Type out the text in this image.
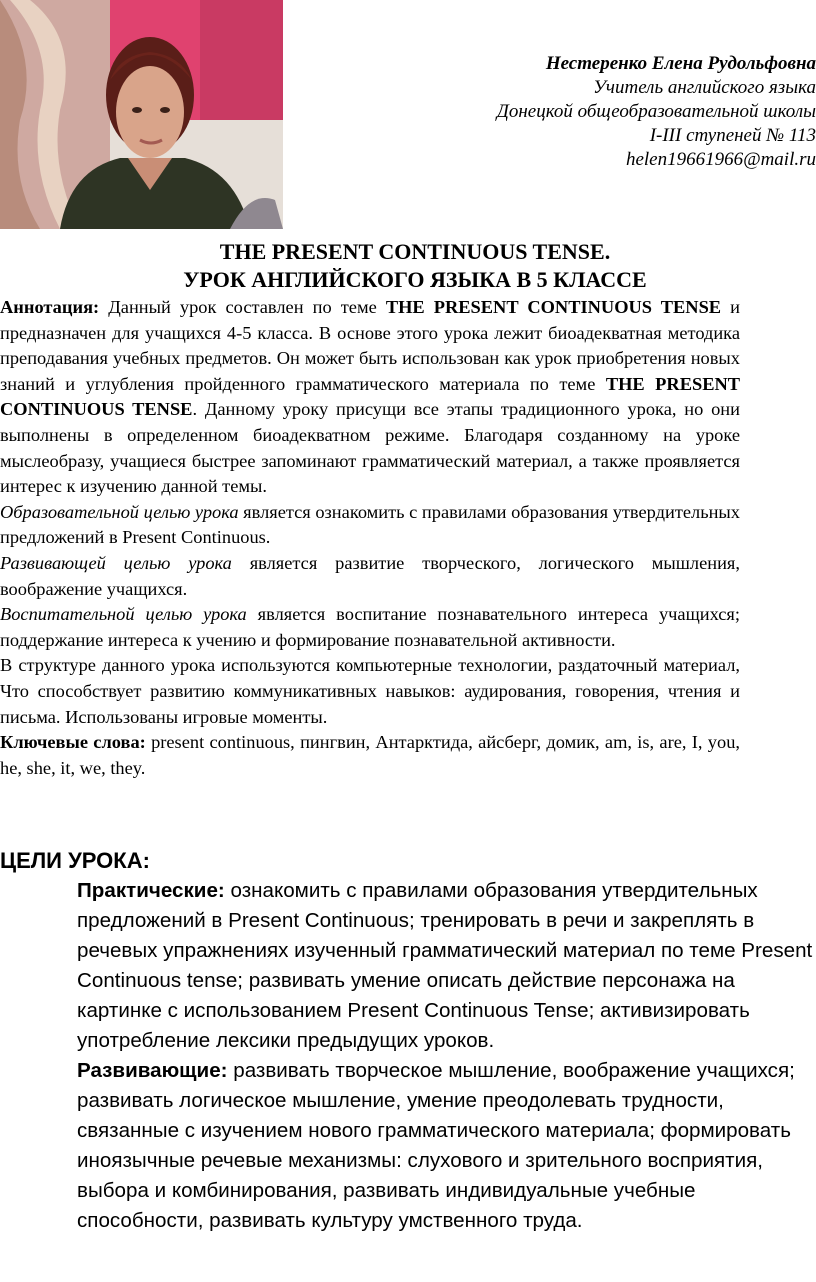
Нестеренко Елена Рудольфовна
Учитель английского языка
Донецкой общеобразовательной школы
I-III ступеней № 113
helen19661966@mail.ru
THE PRESENT CONTINUOUS TENSE.
УРОК АНГЛИЙСКОГО ЯЗЫКА В 5 КЛАССЕ

Аннотация: Данный урок составлен по теме THE PRESENT CONTINUOUS TENSE и предназначен для учащихся 4-5 класса. В основе этого урока лежит биоадекватная методика преподавания учебных предметов. Он может быть использован как урок приобретения новых знаний и углубления пройденного грамматического материала по теме THE PRESENT CONTINUOUS TENSE. Данному уроку присущи все этапы традиционного урока, но они выполнены в определенном биоадекватном режиме. Благодаря созданному на уроке мыслеобразу, учащиеся быстрее запоминают грамматический материал, а также проявляется интерес к изучению данной темы.

Образовательной целью урока является ознакомить с правилами образования утвердительных предложений в Present Continuous.

Развивающей целью урока является развитие творческого, логического мышления, воображение учащихся.

Воспитательной целью урока является воспитание познавательного интереса учащихся; поддержание интереса к учению и формирование познавательной активности.

В структуре данного урока используются компьютерные технологии, раздаточный материал, Что способствует развитию коммуникативных навыков: аудирования, говорения, чтения и письма. Использованы игровые моменты.

Ключевые слова: present continuous, пингвин, Антарктида, айсберг, домик, am, is, are, I, you, he, she, it, we, they.

ЦЕЛИ УРОКА:

Практические: ознакомить с правилами образования утвердительных предложений в Present Continuous; тренировать в речи и закреплять в речевых упражнениях изученный грамматический материал по теме Present Continuous tense; развивать умение описать действие персонажа на картинке с использованием Present Continuous Tense; активизировать употребление лексики предыдущих уроков.

Развивающие: развивать творческое мышление, воображение учащихся; развивать логическое мышление, умение преодолевать трудности, связанные с изучением нового грамматического материала; формировать иноязычные речевые механизмы: слухового и зрительного восприятия, выбора и комбинирования, развивать индивидуальные учебные способности, развивать культуру умственного труда.
